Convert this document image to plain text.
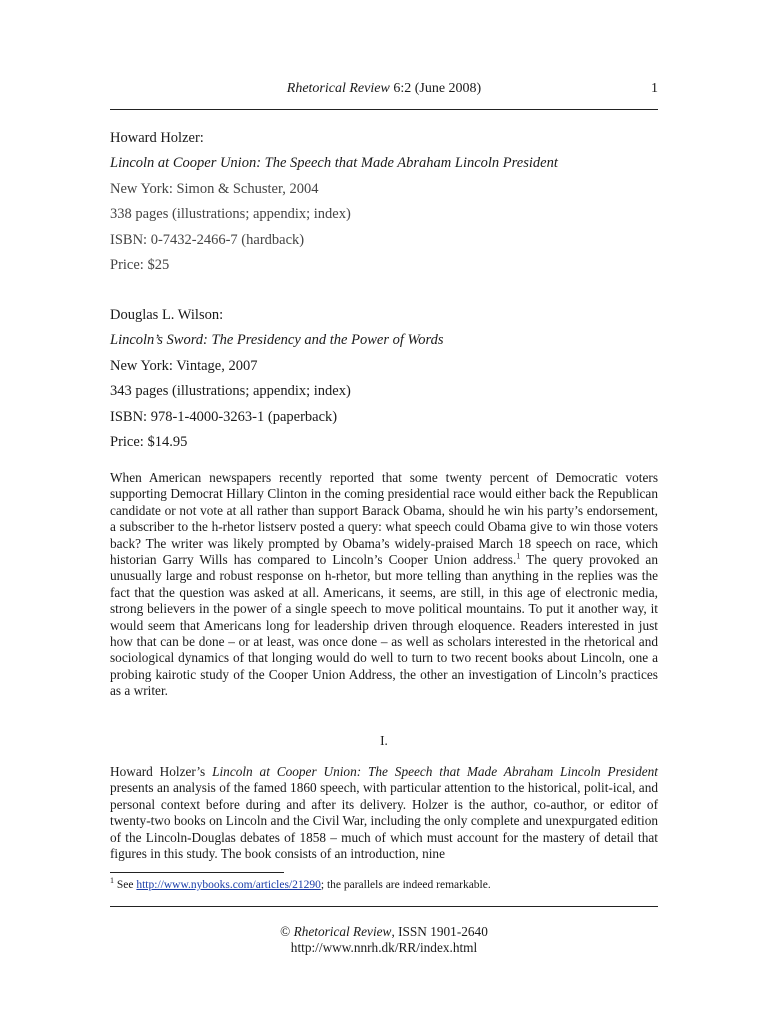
Rhetorical Review 6:2 (June 2008)	1
Howard Holzer:
Lincoln at Cooper Union: The Speech that Made Abraham Lincoln President
New York: Simon & Schuster, 2004
338 pages (illustrations; appendix; index)
ISBN: 0-7432-2466-7 (hardback)
Price: $25
Douglas L. Wilson:
Lincoln’s Sword: The Presidency and the Power of Words
New York: Vintage, 2007
343 pages (illustrations; appendix; index)
ISBN: 978-1-4000-3263-1 (paperback)
Price: $14.95

When American newspapers recently reported that some twenty percent of Democratic voters supporting Democrat Hillary Clinton in the coming presidential race would either back the Republican candidate or not vote at all rather than support Barack Obama, should he win his party’s endorsement, a subscriber to the h-rhetor listserv posted a query: what speech could Obama give to win those voters back? The writer was likely prompted by Obama’s widely-praised March 18 speech on race, which historian Garry Wills has compared to Lincoln’s Cooper Union address.$^1$ The query provoked an unusually large and robust response on h-rhetor, but more telling than anything in the replies was the fact that the question was asked at all. Americans, it seems, are still, in this age of electronic media, strong believers in the power of a single speech to move political mountains. To put it another way, it would seem that Americans long for leadership driven through eloquence. Readers interested in just how that can be done – or at least, was once done – as well as scholars interested in the rhetorical and sociological dynamics of that longing would do well to turn to two recent books about Lincoln, one a probing kairotic study of the Cooper Union Address, the other an investigation of Lincoln’s practices as a writer.

I.

Howard Holzer’s Lincoln at Cooper Union: The Speech that Made Abraham Lincoln President presents an analysis of the famed 1860 speech, with particular attention to the historical, polit-ical, and personal context before during and after its delivery. Holzer is the author, co-author, or editor of twenty-two books on Lincoln and the Civil War, including the only complete and unexpurgated edition of the Lincoln-Douglas debates of 1858 – much of which must account for the mastery of detail that figures in this study. The book consists of an introduction, nine

$^1$ See http://www.nybooks.com/articles/21290; the parallels are indeed remarkable.
© Rhetorical Review, ISSN 1901-2640
http://www.nnrh.dk/RR/index.html
